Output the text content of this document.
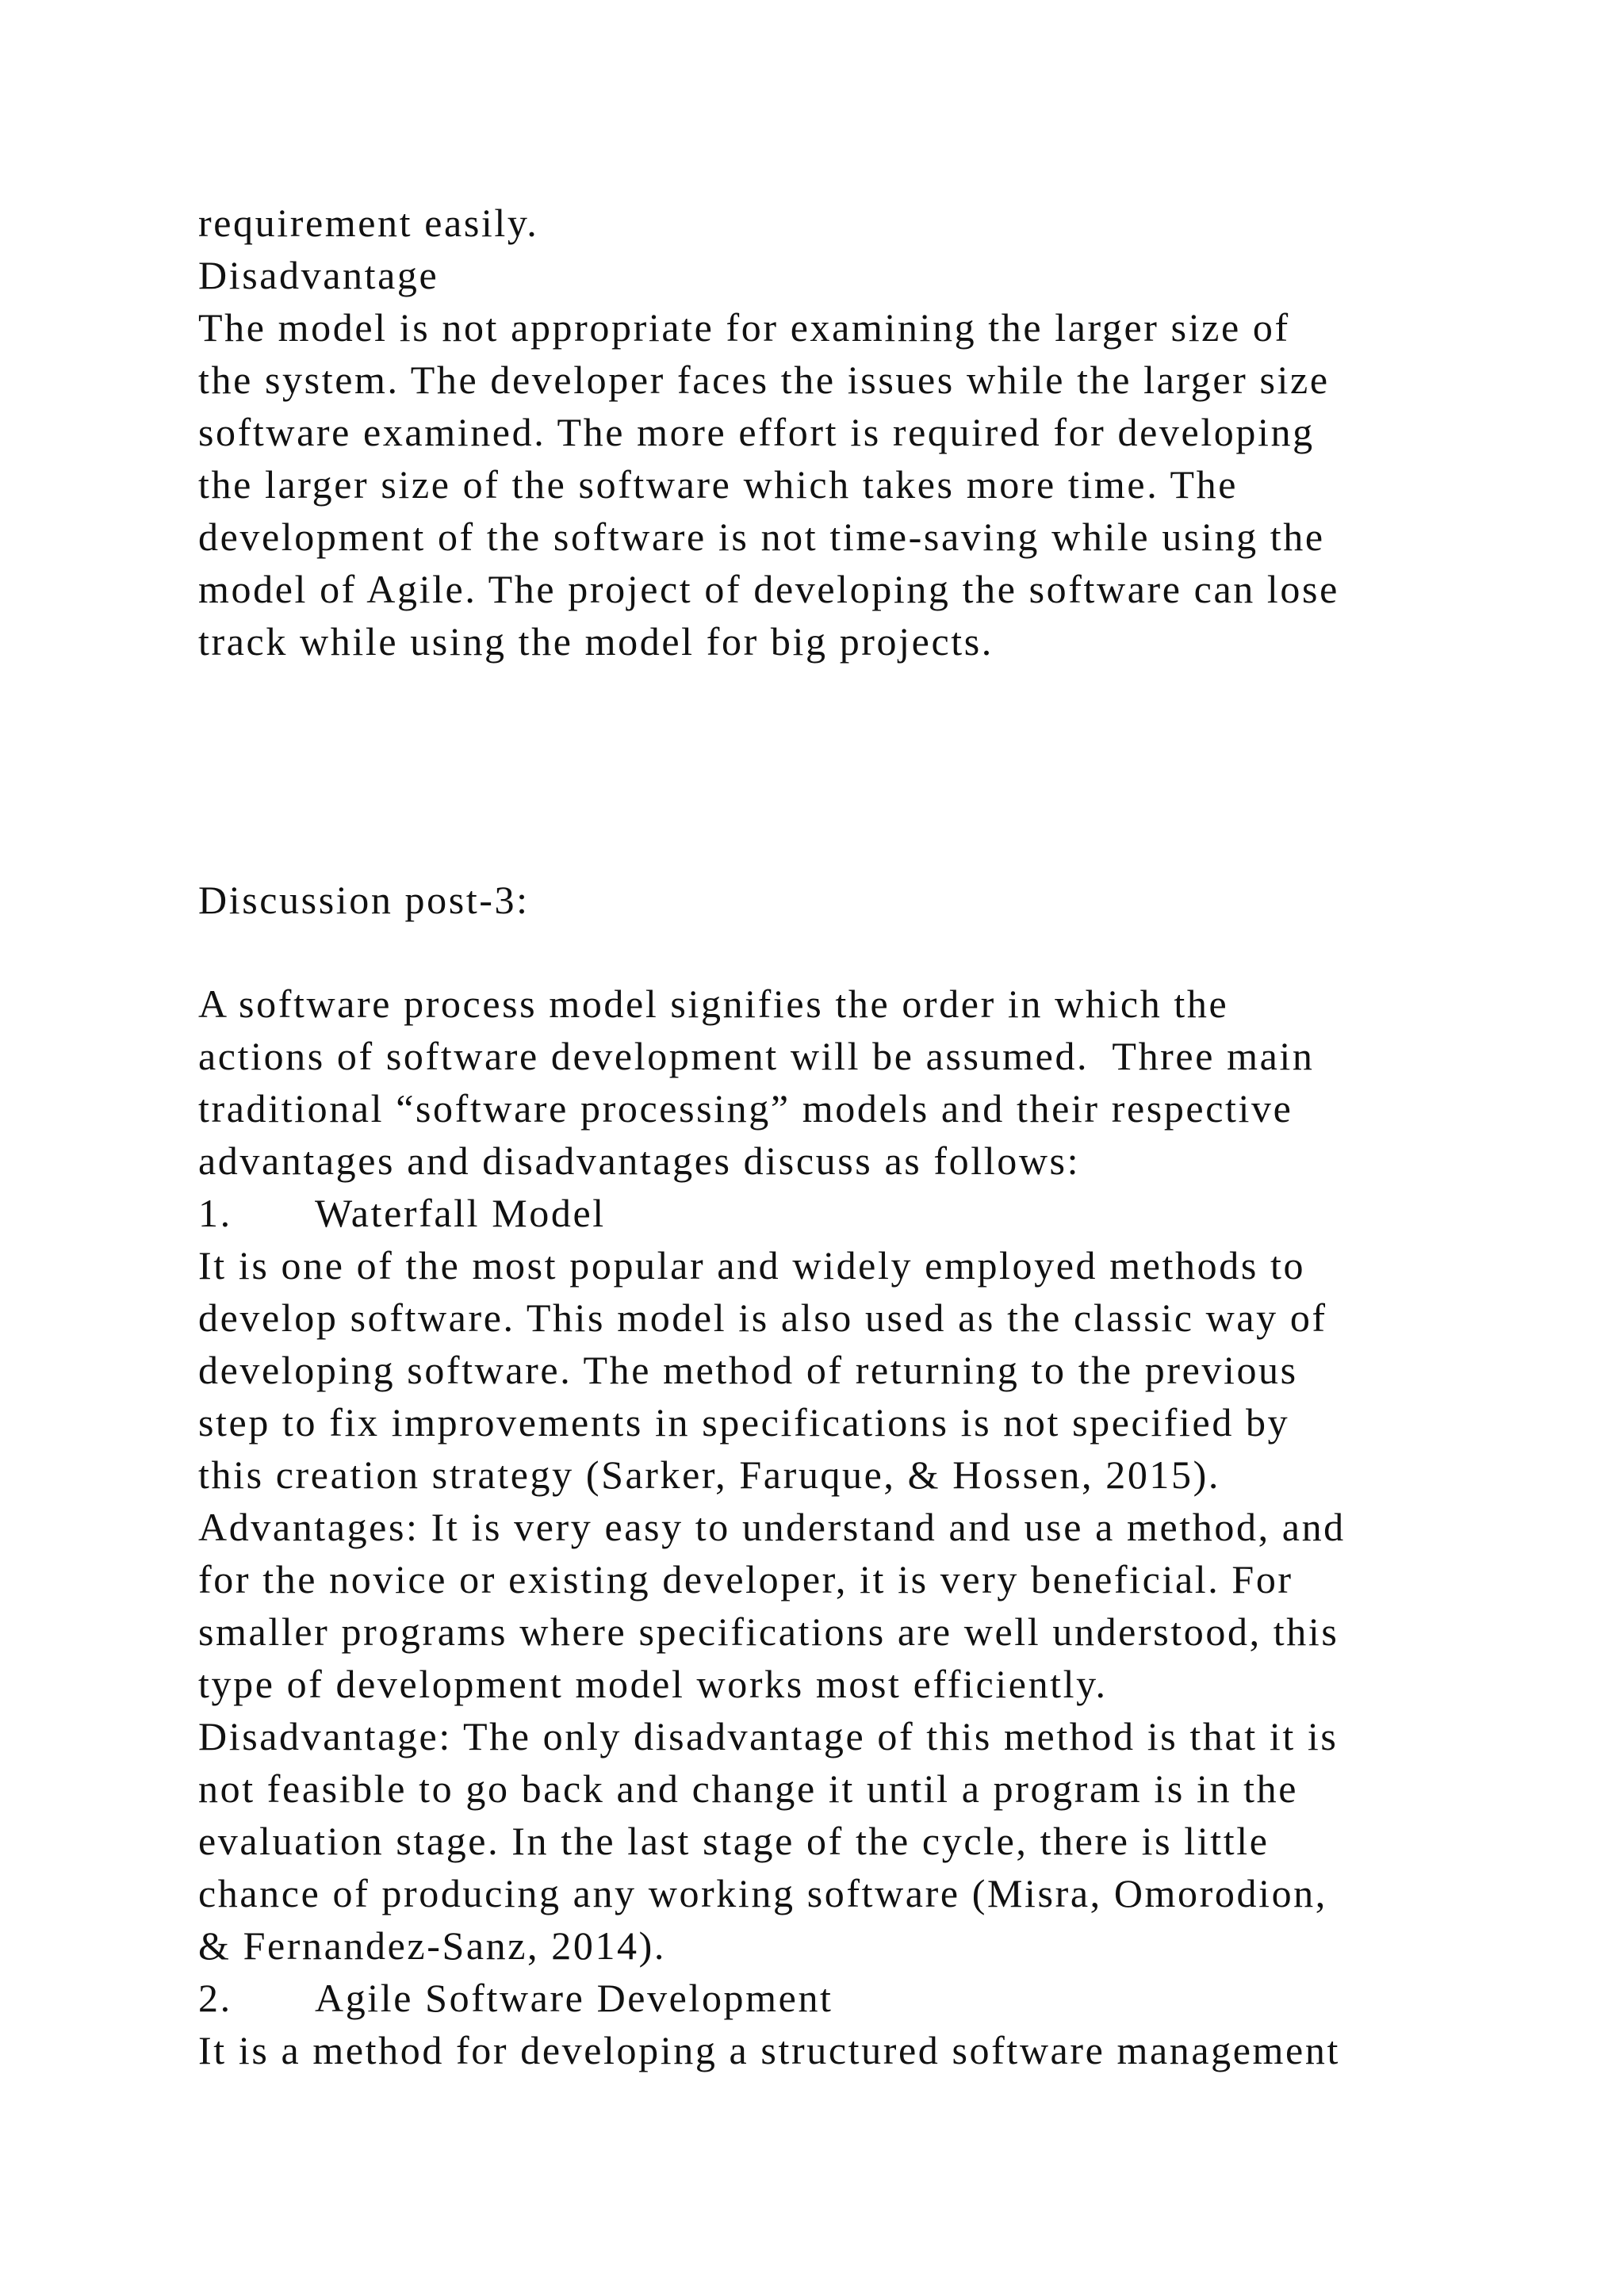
requirement easily.
Disadvantage
The model is not appropriate for examining the larger size of
the system. The developer faces the issues while the larger size
software examined. The more effort is required for developing
the larger size of the software which takes more time. The
development of the software is not time-saving while using the
model of Agile. The project of developing the software can lose
track while using the model for big projects.
Discussion post-3:
A software process model signifies the order in which the
actions of software development will be assumed.  Three main
traditional “software processing” models and their respective
advantages and disadvantages discuss as follows:
1.	Waterfall Model
It is one of the most popular and widely employed methods to
develop software. This model is also used as the classic way of
developing software. The method of returning to the previous
step to fix improvements in specifications is not specified by
this creation strategy (Sarker, Faruque, & Hossen, 2015).
Advantages: It is very easy to understand and use a method, and
for the novice or existing developer, it is very beneficial. For
smaller programs where specifications are well understood, this
type of development model works most efficiently.
Disadvantage: The only disadvantage of this method is that it is
not feasible to go back and change it until a program is in the
evaluation stage. In the last stage of the cycle, there is little
chance of producing any working software (Misra, Omorodion,
& Fernandez-Sanz, 2014).
2.	Agile Software Development
It is a method for developing a structured software management
